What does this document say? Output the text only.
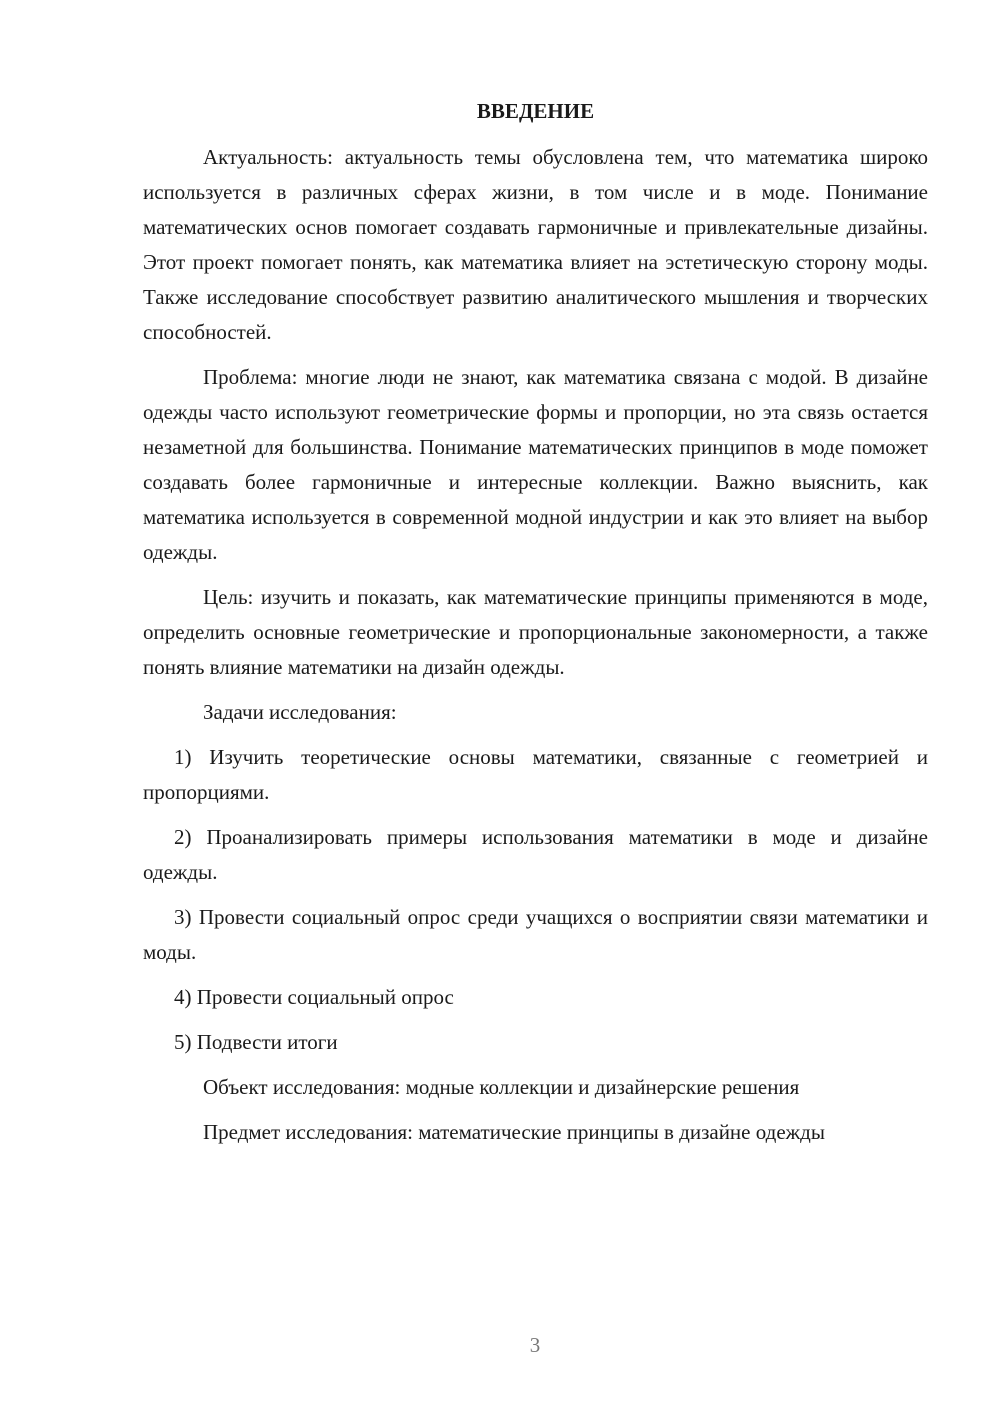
ВВЕДЕНИЕ

Актуальность: актуальность темы обусловлена тем, что математика широко используется в различных сферах жизни, в том числе и в моде. Понимание математических основ помогает создавать гармоничные и привлекательные дизайны. Этот проект помогает понять, как математика влияет на эстетическую сторону моды. Также исследование способствует развитию аналитического мышления и творческих способностей.

Проблема: многие люди не знают, как математика связана с модой. В дизайне одежды часто используют геометрические формы и пропорции, но эта связь остается незаметной для большинства. Понимание математических принципов в моде поможет создавать более гармоничные и интересные коллекции. Важно выяснить, как математика используется в современной модной индустрии и как это влияет на выбор одежды.

Цель: изучить и показать, как математические принципы применяются в моде, определить основные геометрические и пропорциональные закономерности, а также понять влияние математики на дизайн одежды.

Задачи исследования:

1) Изучить теоретические основы математики, связанные с геометрией и пропорциями.

2) Проанализировать примеры использования математики в моде и дизайне одежды.

3) Провести социальный опрос среди учащихся о восприятии связи математики и моды.

4) Провести социальный опрос

5) Подвести итоги

Объект исследования: модные коллекции и дизайнерские решения

Предмет исследования: математические принципы в дизайне одежды

3
